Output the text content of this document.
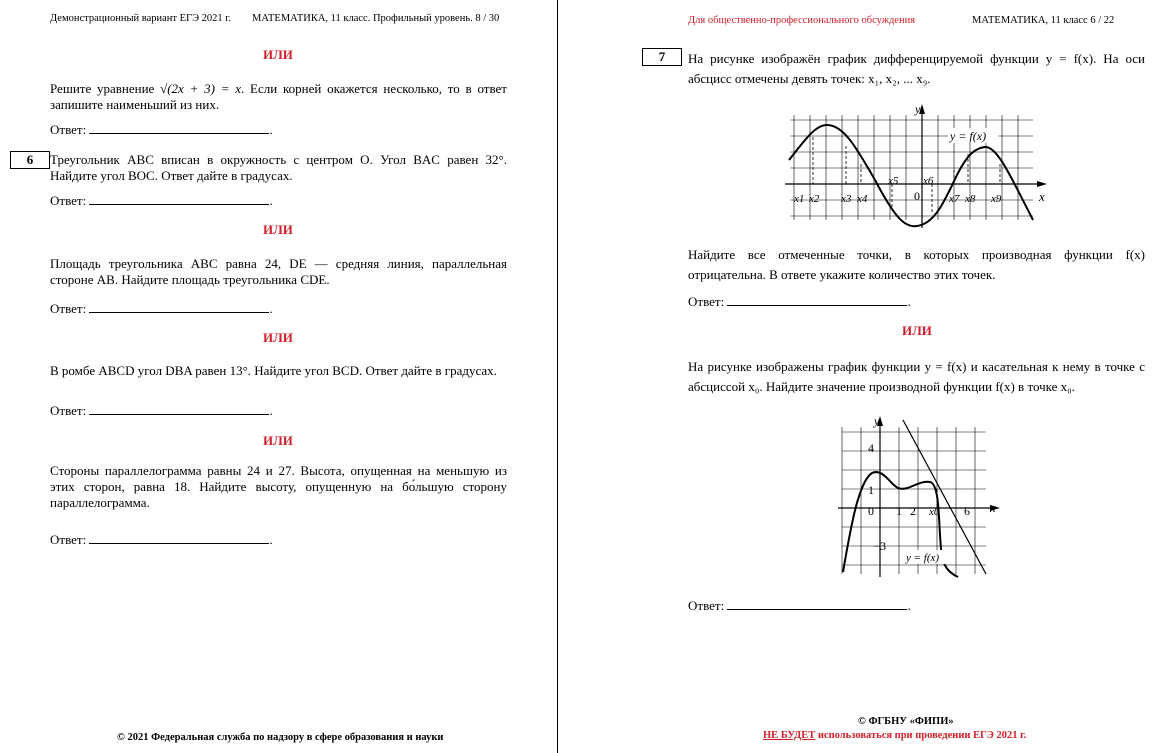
Демонстрационный вариант ЕГЭ 2021 г. МАТЕМАТИКА, 11 класс. Профильный уровень. 8 / 30
ИЛИ
Решите уравнение √(2x + 3) = x. Если корней окажется несколько, то в ответ запишите наименьший из них.
Ответ:	.
6	Треугольник ABC вписан в окружность с центром O. Угол BAC равен 32°. Найдите угол BOC. Ответ дайте в градусах.
Ответ:	.
ИЛИ
Площадь треугольника ABC равна 24, DE — средняя линия, параллельная стороне AB. Найдите площадь треугольника CDE.
Ответ:	.
ИЛИ
В ромбе ABCD угол DBA равен 13°. Найдите угол BCD. Ответ дайте в градусах.
Ответ:	.
ИЛИ
Стороны параллелограмма равны 24 и 27. Высота, опущенная на меньшую из этих сторон, равна 18. Найдите высоту, опущенную на бо́льшую сторону параллелограмма.
Ответ:	.
© 2021 Федеральная служба по надзору в сфере образования и науки
Для общественно-профессионального обсуждения	МАТЕМАТИКА, 11 класс 6 / 22
7	На рисунке изображён график дифференцируемой функции y = f(x). На оси абсцисс отмечены девять точек: x₁, x₂, ... x₉.
y = f(x)
y
x
0
x1 x2 x3 x4
x5 x6
x7 x8 x9
Найдите все отмеченные точки, в которых производная функции f(x) отрицательна. В ответе укажите количество этих точек.
Ответ:	.
ИЛИ
На рисунке изображены график функции y = f(x) и касательная к нему в точке с абсциссой x₀. Найдите значение производной функции f(x) в точке x₀.
y = f(x)
y
x
4
1
0 1 2 x0 6
−3
Ответ:	.
© ФГБНУ «ФИПИ»
НЕ БУДЕТ использоваться при проведении ЕГЭ 2021 г.
